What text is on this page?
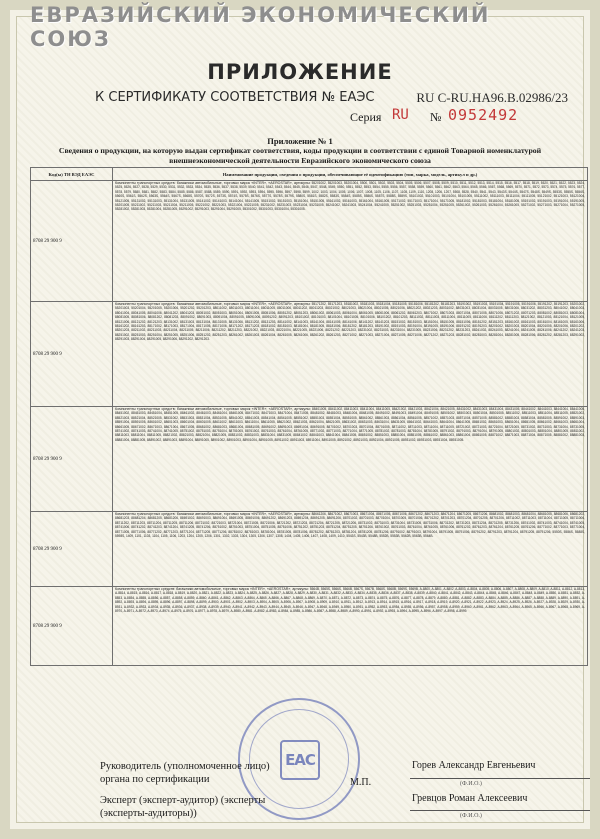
ЕВРАЗИЙСКИЙ ЭКОНОМИЧЕСКИЙ СОЮЗ
ПРИЛОЖЕНИЕ
К СЕРТИФИКАТУ СООТВЕТСТВИЯ № ЕАЭС	RU C-RU.HA96.B.02986/23
Серия RU № 0952492
Приложение № 1
Сведения о продукции, на которую выдан сертификат соответствия, коды продукции в соответствии с единой Товарной номенклатурой внешнеэкономической деятельности Евразийского экономического союза
Код(ы) ТН ВЭД ЕАЭС	Наименование продукции, сведения о продукции, обеспечивающие её идентификацию (тип, марка, модель, артикул и др.)
8708 29 900 9	Компоненты транспортных средств: багажники автомобильные, торговых марок «INTER», «AEROSTAR», артикулы: 55201002, 55201003, 55201004, 5500, 5501, 5502, 5503, 5504, 5505, 5506, 5507, 5508, 5509, 5510, 5511, 5512, 5513, 5514, 5515, 5516, 5517, 5518, 5519, 5520, 5521, 5522, 5523, 5524, 5525, 5526, 5527, 5528, 5529, 5530, 5531, 5532, 5533, 5534, 5535, 5536, 5537, 5538, 5539, 5540, 5541, 5542, 5543, 5544, 5545, 5546, 5547, 5548, 5549, 5550, 5551, 5552, 5553, 5554, 5555, 5556, 5557, 5558, 5559, 5560, 5561, 5562, 5563, 5564, 5565, 5566, 5567, 5568, 5569, 5570, 5571, 5572, 5573, 5574, 5575, 5576, 5577, 5578, 5579, 5580, 5581, 5582, 5583, 5584, 5585, 5586, 5587, 5588, 5589, 5590, 5591, 5592, 5593, 5594, 5595, 5596, 5597, 5598, 5599, 1002, 1003, 1004, 1005, 1006, 1007, 1008, 1105, 1106, 1107, 1108, 1109, 1110, 1208, 1206, 1207, 5508, 5528, 5540, 5541, 5543, 5543S, 5544S, 5547S, 5548S, 5549S, 5553S, 5555S, 5556S, 5560S, 5561S, 5562S, 5563S, 5564S, 5567S, 5568S, 5570S, 5572S, 5573S, 5574S, 5575S, 5576S, 5577S, 5578S, 5579S, 5580S, 5581S, 5582S, 5583S, 5584S, 5585S, 5586S, 5587S, 5588S, 5589S, 55101002, 55101003, 55101004, 55101005, 55111002, 55111003, 55111004, 55111005, 55121002, 55121003, 55121004, 55121005, 55131002, 55131003, 55131004, 55131005, 55141002, 55141003, 55141004, 55141005, 55151002, 55151003, 55151004, 55151005, 55161002, 55161003, 55161004, 55161005, 55171002, 55171003, 55171004, 55171005, 55181002, 55181003, 55181004, 55181005, 55191002, 55191003, 55191004, 55191005, 55201005, 55211002, 55211003, 55211004, 55211005, 55221002, 55221003, 55221004, 55221005, 55231002, 55231003, 55231004, 55231005, 55241002, 55241003, 55241004, 55241005, 55251002, 55251003, 55251004, 55251005, 55261002, 55261003, 55261004, 55261005, 55271002, 55271003, 55271004, 55271005, 55281002, 55281003, 55281004, 55281005, 55291002, 55291003, 55291004, 55291005, 55301002, 55301003, 55301004, 55301005.
8708 29 900 9	Компоненты транспортных средств: багажники автомобильные, торговых марок «INTER», «AEROSTAR», артикулы: 55171202, 55171203, 55181002, 55181003, 55181004, 55181005, 55181006, 55181202, 55181203, 55191002, 55191003, 55191004, 55191005, 55191006, 55191202, 55191203, 55201002, 55201003, 55201004, 55201005, 55201006, 55201202, 55201203, 88011002, 88011003, 88011004, 88011005, 88011006, 88011202, 88011203, 88021002, 88021003, 88021004, 88021005, 88021006, 88021202, 88021203, 88031002, 88031003, 88031004, 88031005, 88031006, 88031202, 88031203, 88041002, 88041003, 88041004, 88041005, 88041006, 88041202, 88041203, 88051002, 88051003, 88051004, 88051005, 88051006, 88051202, 88051203, 88061002, 88061003, 88061004, 88061005, 88061006, 88061202, 88061203, 88071002, 88071003, 88071004, 88071005, 88071006, 88071202, 88071203, 88081002, 88081003, 88081004, 88081005, 88081006, 88081202, 88081203, 88091002, 88091003, 88091004, 88091005, 88091006, 88091202, 88091203, 88101002, 88101003, 88101004, 88101005, 88101006, 88101202, 88101203, 88111002, 88111003, 88111004, 88111005, 88111006, 88111202, 88111203, 88121002, 88121003, 88121004, 88121005, 88121006, 88121202, 88121203, 88131002, 88131003, 88131004, 88131005, 88131006, 88131202, 88131203, 88141002, 88141003, 88141004, 88141005, 88141006, 88141202, 88141203, 88151002, 88151003, 88151004, 88151005, 88151006, 88151202, 88151203, 88161002, 88161003, 88161004, 88161005, 88161006, 88161202, 88161203, 88171002, 88171003, 88171004, 88171005, 88171006, 88171202, 88171203, 88181002, 88181003, 88181004, 88181005, 88181006, 88181202, 88181203, 88191002, 88191003, 88191004, 88191005, 88191006, 88191202, 88191203, 88201002, 88201003, 88201004, 88201005, 88201006, 88201202, 88201203, 88211002, 88211003, 88211004, 88211005, 88211006, 88211202, 88211203, 88221002, 88221003, 88221004, 88221005, 88221006, 88221202, 88221203, 88231002, 88231003, 88231004, 88231005, 88231006, 88231202, 88231203, 88241002, 88241003, 88241004, 88241005, 88241006, 88241202, 88241203, 88251002, 88251003, 88251004, 88251005, 88251006, 88251202, 88251203, 88261002, 88261003, 88261004, 88261005, 88261006, 88261202, 88261203, 88271002, 88271003, 88271004, 88271005, 88271006, 88271202, 88271203, 88281002, 88281003, 88281004, 88281005, 88281006, 88281202, 88281203, 88291002, 88291003, 88291004, 88291005, 88291006, 88291202, 88291203.
8708 29 900 9	Компоненты транспортных средств: багажники автомобильные, торговых марок «INTER», «AEROSTAR», артикулы: 88401005, 88411002, 88411003, 88411004, 88411005, 88421002, 88421003, 88421004, 88421005, 88431002, 88431003, 88431004, 88431005, 88441002, 88441003, 88441004, 88441005, 88451002, 88451003, 88451004, 88451005, 88461002, 88461003, 88461004, 88461005, 88471002, 88471003, 88471004, 88471005, 88481002, 88481003, 88481004, 88481005, 88491002, 88491003, 88491004, 88491005, 88501002, 88501003, 88501004, 88501005, 88511002, 88511003, 88511004, 88511005, 88521002, 88521003, 88521004, 88521005, 88531002, 88531003, 88531004, 88531005, 88541002, 88541003, 88541004, 88541005, 88551002, 88551003, 88551004, 88551005, 88561002, 88561003, 88561004, 88561005, 88571002, 88571003, 88571004, 88571005, 88581002, 88581003, 88581004, 88581005, 88591002, 88591003, 88591004, 88591005, 88601002, 88601003, 88601004, 88601005, 88611002, 88611003, 88611004, 88611005, 88621002, 88621003, 88621004, 88621005, 88631002, 88631003, 88631004, 88631005, 88641002, 88641003, 88641004, 88641005, 88651002, 88651003, 88651004, 88651005, 88661002, 88661003, 88661004, 88661005, 88671002, 88671003, 88671004, 88671005, 88681002, 88681003, 88681004, 88681005, 88691002, 88691003, 88691004, 88691005, 88701002, 88701003, 88701004, 88701005, 88711002, 88711003, 88711004, 88711005, 88721002, 88721003, 88721004, 88721005, 88731002, 88731003, 88731004, 88731005, 88741002, 88741003, 88741004, 88741005, 88751002, 88751003, 88751004, 88751005, 88761002, 88761003, 88761004, 88761005, 88771002, 88771003, 88771004, 88771005, 88781002, 88781003, 88781004, 88781005, 88791002, 88791003, 88791004, 88791005, 88801002, 88801003, 88801004, 88801005, 88811002, 88811003, 88811004, 88811005, 88821002, 88821003, 88821004, 88821005, 88831002, 88831003, 88831004, 88831005, 88841002, 88841003, 88841004, 88841005, 88851002, 88851003, 88851004, 88851005, 88861002, 88861003, 88861004, 88861005, 88871002, 88871003, 88871004, 88871005, 88881002, 88881003, 88881004, 88881005, 88891002, 88891003, 88891004, 88891005, 88901002, 88901003, 88901004, 88901005, 88911002, 88911003, 88911004, 88911005, 88921002, 88921003, 88921004, 88921005, 88931002, 88931003, 88931004, 88931005.
8708 29 900 9	Компоненты транспортных средств: багажники автомобильные, торговых марок «INTER», «AEROSTAR», артикулы: 88661206, 88671002, 88671003, 88671004, 88671005, 88671006, 88671202, 88671203, 88671204, 88671205, 88671206, 88681002, 88681003, 88681004, 88681005, 88681006, 88681202, 88681203, 88681204, 88681205, 88681206, 88691002, 88691003, 88691004, 88691005, 88691006, 88691202, 88691203, 88691204, 88691205, 88691206, 88701002, 88701003, 88701004, 88701005, 88701006, 88701202, 88701203, 88701204, 88701205, 88701206, 88711002, 88711003, 88711004, 88711005, 88711006, 88711202, 88711203, 88711204, 88711205, 88711206, 88721002, 88721003, 88721004, 88721005, 88721006, 88721202, 88721203, 88721204, 88721205, 88721206, 88731002, 88731003, 88731004, 88731005, 88731006, 88731202, 88731203, 88731204, 88731205, 88731206, 88741002, 88741003, 88741004, 88741005, 88741006, 88741202, 88741203, 88741204, 88741205, 88741206, 88751002, 88751003, 88751004, 88751005, 88751006, 88751202, 88751203, 88751204, 88751205, 88751206, 88761002, 88761003, 88761004, 88761005, 88761006, 88761202, 88761203, 88761204, 88761205, 88761206, 88771002, 88771003, 88771004, 88771005, 88771006, 88771202, 88771203, 88771204, 88771205, 88771206, 88781002, 88781003, 88781004, 88781005, 88781006, 88781202, 88781203, 88781204, 88781205, 88781206, 88791002, 88791003, 88791004, 88791005, 88791006, 88791202, 88791203, 88791204, 88791205, 88791206, 5550S, 5586S, 5588S, 5598S, 1409, 1101, 1103, 1104, 1105, 1106, 1203, 1204, 1205, 1206, 1301, 1302, 1303, 1304, 1305, 1306, 1307, 1308, 1404, 1405, 1406, 1407, 1408, 1409, 1410, 5543S, 5543B, 5548B, 5552B, 5553B, 5562B, 5563B, 5564B.
8708 29 900 9	Компоненты транспортных средств: багажники автомобильные, торговых марок «INTER», «AEROSTAR», артикулы: 5564B, 5565S, 5566S, 5566B, 5567S, 5567B, 5568S, 5568B, 5569S, 5569B, A-8800, A-8801, A-8802, A-8803, A-8804, A-8805, A-8806, A-8807, A-8808, A-8809, A-8810, A-8811, A-8812, A-8813, A-8814, A-8815, A-8816, A-8817, A-8818, A-8819, A-8820, A-8821, A-8822, A-8823, A-8824, A-8825, A-8826, A-8827, A-8828, A-8829, A-8830, A-8831, A-8832, A-8833, A-8834, A-8835, A-8836, A-8837, A-8838, A-8839, A-8840, A-8841, A-8842, A-8843, A-8844, A-8845, A-8846, A-8847, A-8848, A-8849, A-8850, A-8851, A-8852, A-8853, A-8854, A-8855, A-8856, A-8857, A-8858, A-8859, A-8860, A-8861, A-8862, A-8863, A-8864, A-8865, A-8866, A-8867, A-8868, A-8869, A-8870, A-8871, A-8872, A-8873, A-8874, A-8875, A-8876, A-8877, A-8878, A-8879, A-8880, A-8881, A-8882, A-8883, A-8884, A-8885, A-8886, A-8887, A-8888, A-8889, A-8890, A-8891, A-8892, A-8893, A-8894, A-8895, A-8896, A-8897, A-8898, A-8899, A-8900, A-8901, A-8902, A-8903, A-8904, A-8905, A-8906, A-8907, A-8908, A-8909, A-8910, A-8911, A-8912, A-8913, A-8914, A-8915, A-8916, A-8917, A-8918, A-8919, A-8920, A-8921, A-8922, A-8923, A-8924, A-8925, A-8926, A-8927, A-8928, A-8929, A-8930, A-8931, A-8932, A-8933, A-8934, A-8935, A-8936, A-8937, A-8938, A-8939, A-8940, A-8941, A-8942, A-8943, A-8944, A-8945, A-8946, A-8947, A-8948, A-8949, A-8950, A-8951, A-8952, A-8953, A-8954, A-8955, A-8956, A-8957, A-8958, A-8959, A-8960, A-8961, A-8962, A-8963, A-8964, A-8965, A-8966, A-8967, A-8968, A-8969, A-8970, A-8971, A-8972, A-8973, A-8974, A-8975, A-8976, A-8977, A-8978, A-8979, A-8980, A-8981, A-8982, A-8983, A-8984, A-8985, A-8986, A-8987, A-8988, A-8989, A-8990, A-8991, A-8992, A-8993, A-8994, A-8995, A-8996, A-8997, A-8998, A-8999.
ЕАС
Руководитель (уполномоченное лицо) органа по сертификации
Горев Александр Евгеньевич
(Ф.И.О.)
М.П.
Эксперт (эксперт-аудитор) (эксперты (эксперты-аудиторы))
Гревцов Роман Алексеевич
(Ф.И.О.)
